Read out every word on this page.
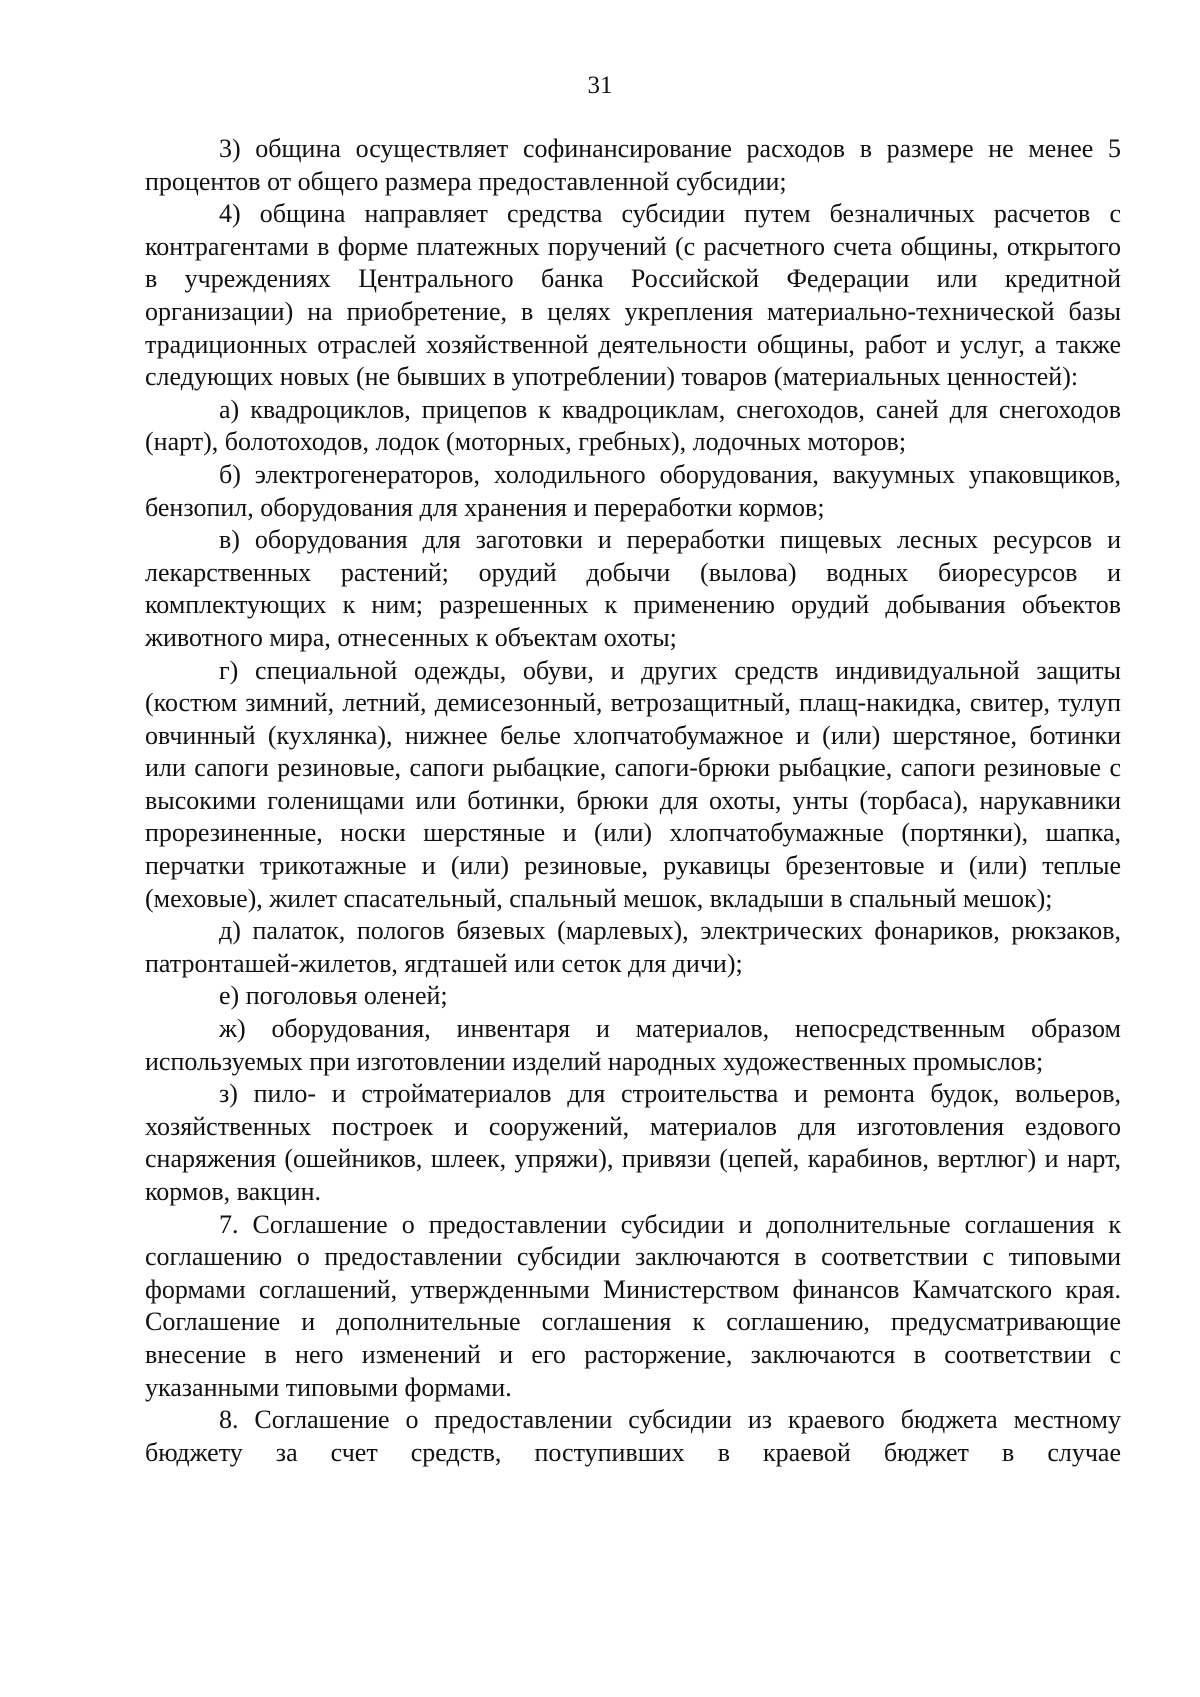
31

3) община осуществляет софинансирование расходов в размере не менее 5 процентов от общего размера предоставленной субсидии;

4) община направляет средства субсидии путем безналичных расчетов с контрагентами в форме платежных поручений (с расчетного счета общины, открытого в учреждениях Центрального банка Российской Федерации или кредитной организации) на приобретение, в целях укрепления материально-технической базы традиционных отраслей хозяйственной деятельности общины, работ и услуг, а также следующих новых (не бывших в употреблении) товаров (материальных ценностей):

а) квадроциклов, прицепов к квадроциклам, снегоходов, саней для снегоходов (нарт), болотоходов, лодок (моторных, гребных), лодочных моторов;

б) электрогенераторов, холодильного оборудования, вакуумных упаковщиков, бензопил, оборудования для хранения и переработки кормов;

в) оборудования для заготовки и переработки пищевых лесных ресурсов и лекарственных растений; орудий добычи (вылова) водных биоресурсов и комплектующих к ним; разрешенных к применению орудий добывания объектов животного мира, отнесенных к объектам охоты;

г) специальной одежды, обуви, и других средств индивидуальной защиты (костюм зимний, летний, демисезонный, ветрозащитный, плащ-накидка, свитер, тулуп овчинный (кухлянка), нижнее белье хлопчатобумажное и (или) шерстяное, ботинки или сапоги резиновые, сапоги рыбацкие, сапоги-брюки рыбацкие, сапоги резиновые с высокими голенищами или ботинки, брюки для охоты, унты (торбаса), нарукавники прорезиненные, носки шерстяные и (или) хлопчатобумажные (портянки), шапка, перчатки трикотажные и (или) резиновые, рукавицы брезентовые и (или) теплые (меховые), жилет спасательный, спальный мешок, вкладыши в спальный мешок);

д) палаток, пологов бязевых (марлевых), электрических фонариков, рюкзаков, патронташей-жилетов, ягдташей или сеток для дичи);

е) поголовья оленей;

ж) оборудования, инвентаря и материалов, непосредственным образом используемых при изготовлении изделий народных художественных промыслов;

з) пило- и стройматериалов для строительства и ремонта будок, вольеров, хозяйственных построек и сооружений, материалов для изготовления ездового снаряжения (ошейников, шлеек, упряжи), привязи (цепей, карабинов, вертлюг) и нарт, кормов, вакцин.

7. Соглашение о предоставлении субсидии и дополнительные соглашения к соглашению о предоставлении субсидии заключаются в соответствии с типовыми формами соглашений, утвержденными Министерством финансов Камчатского края. Соглашение и дополнительные соглашения к соглашению, предусматривающие внесение в него изменений и его расторжение, заключаются в соответствии с указанными типовыми формами.

8. Соглашение о предоставлении субсидии из краевого бюджета местному бюджету за счет средств, поступивших в краевой бюджет в случае
